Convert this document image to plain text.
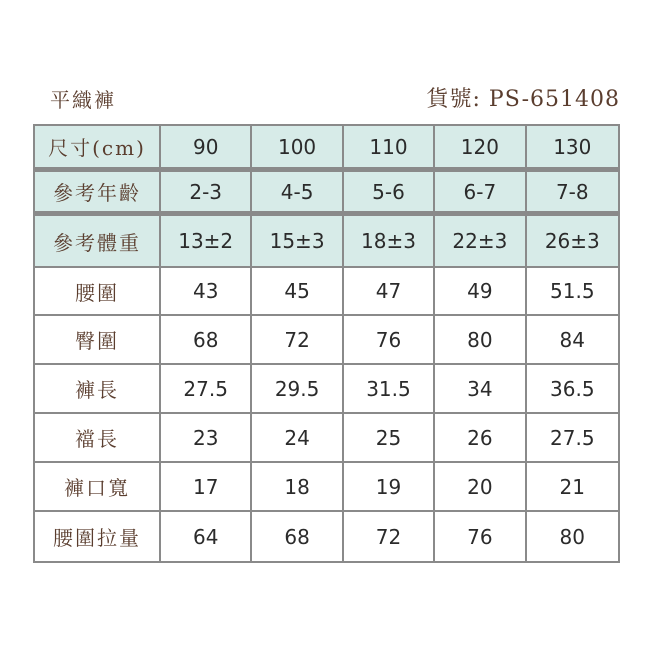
平織褲	貨號: PS-651408
尺寸(cm)	90	100	110	120	130
參考年齡	2-3	4-5	5-6	6-7	7-8
參考體重	13±2	15±3	18±3	22±3	26±3
腰圍	43	45	47	49	51.5
臀圍	68	72	76	80	84
褲長	27.5	29.5	31.5	34	36.5
襠長	23	24	25	26	27.5
褲口寬	17	18	19	20	21
腰圍拉量	64	68	72	76	80
